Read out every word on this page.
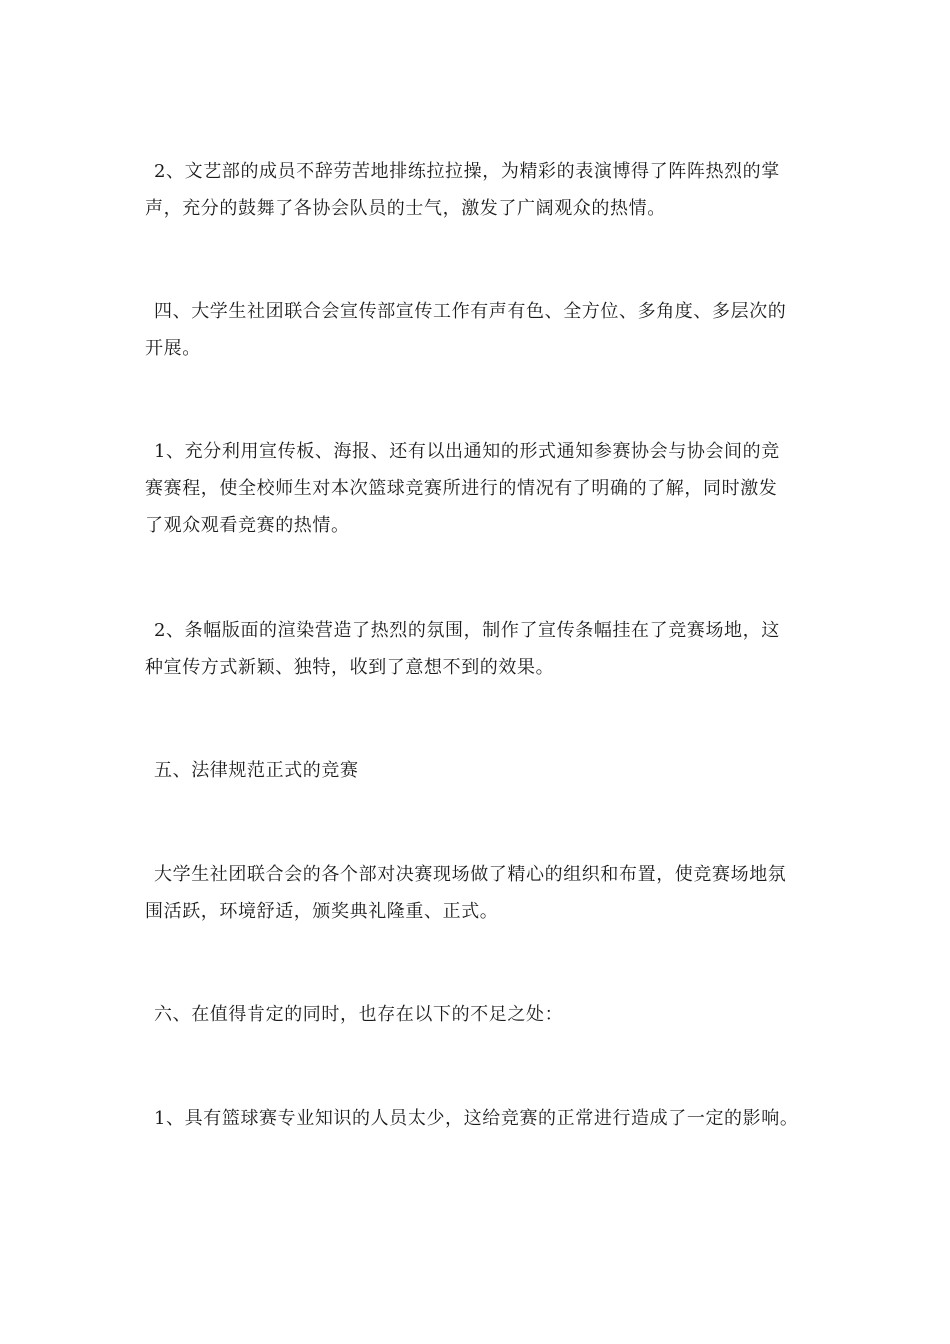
2、文艺部的成员不辞劳苦地排练拉拉操，为精彩的表演博得了阵阵热烈的掌
声，充分的鼓舞了各协会队员的士气，激发了广阔观众的热情。
四、大学生社团联合会宣传部宣传工作有声有色、全方位、多角度、多层次的
开展。
1、充分利用宣传板、海报、还有以出通知的形式通知参赛协会与协会间的竞
赛赛程，使全校师生对本次篮球竞赛所进行的情况有了明确的了解，同时激发
了观众观看竞赛的热情。
2、条幅版面的渲染营造了热烈的氛围，制作了宣传条幅挂在了竞赛场地，这
种宣传方式新颖、独特，收到了意想不到的效果。
五、法律规范正式的竞赛
大学生社团联合会的各个部对决赛现场做了精心的组织和布置，使竞赛场地氛
围活跃，环境舒适，颁奖典礼隆重、正式。
六、在值得肯定的同时，也存在以下的不足之处：
1、具有篮球赛专业知识的人员太少，这给竞赛的正常进行造成了一定的影响。
